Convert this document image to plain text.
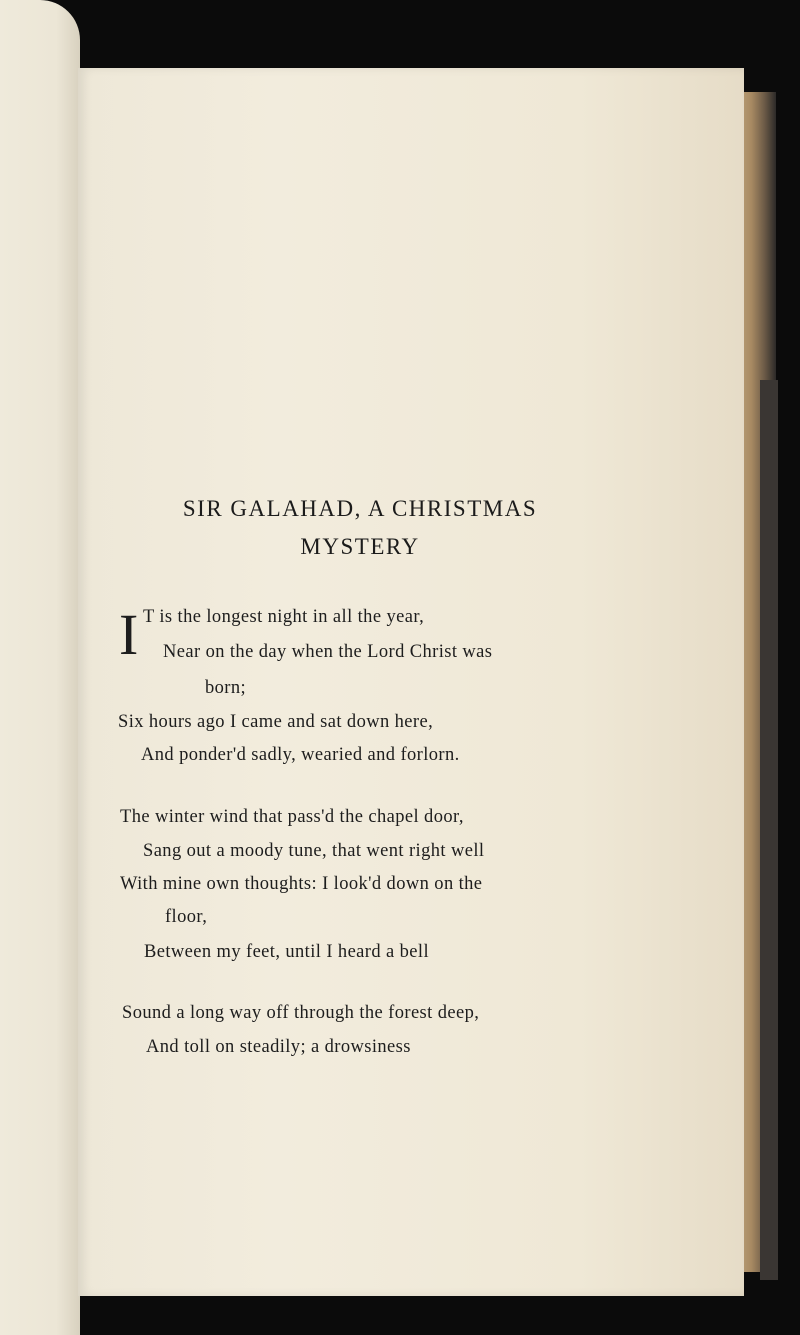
SIR GALAHAD, A CHRISTMAS
MYSTERY
I T is the longest night in all the year,

Near on the day when the Lord Christ was

born;

Six hours ago I came and sat down here,

And ponder'd sadly, wearied and forlorn.

The winter wind that pass'd the chapel door,

Sang out a moody tune, that went right well

With mine own thoughts: I look'd down on the

floor,

Between my feet, until I heard a bell

Sound a long way off through the forest deep,

And toll on steadily; a drowsiness
